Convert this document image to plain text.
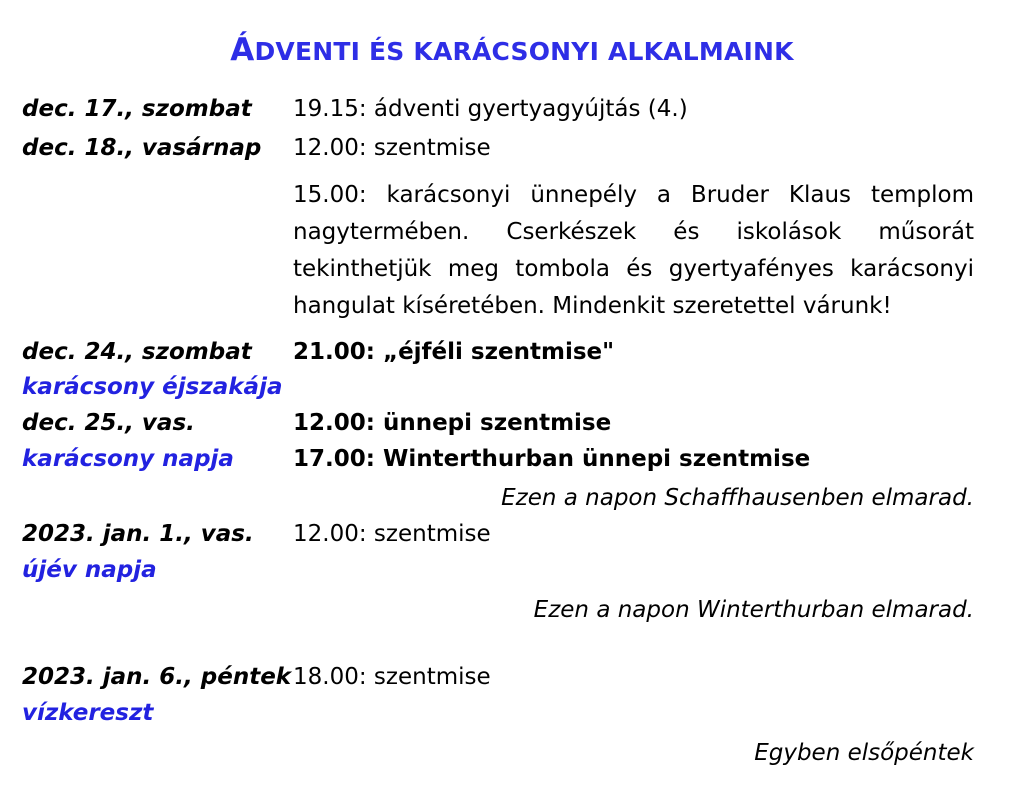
ÁDVENTI ÉS KARÁCSONYI ALKALMAINK
dec. 17., szombat 19.15: ádventi gyertyagyújtás (4.)
dec. 18., vasárnap 12.00: szentmise
15.00: karácsonyi ünnepély a Bruder Klaus templom nagytermében. Cserkészek és iskolások műsorát tekinthetjük meg tombola és gyertyafényes karácsonyi hangulat kíséretében. Mindenkit szeretettel várunk!
dec. 24., szombat 21.00: „éjféli szentmise"
karácsony éjszakája
dec. 25., vas.	12.00: ünnepi szentmise
karácsony napja	17.00: Winterthurban ünnepi szentmise
Ezen a napon Schaffhausenben elmarad.
2023. jan. 1., vas. 12.00: szentmise
újév napja
Ezen a napon Winterthurban elmarad.
2023. jan. 6., péntek 18.00: szentmise
vízkereszt
Egyben elsőpéntek
